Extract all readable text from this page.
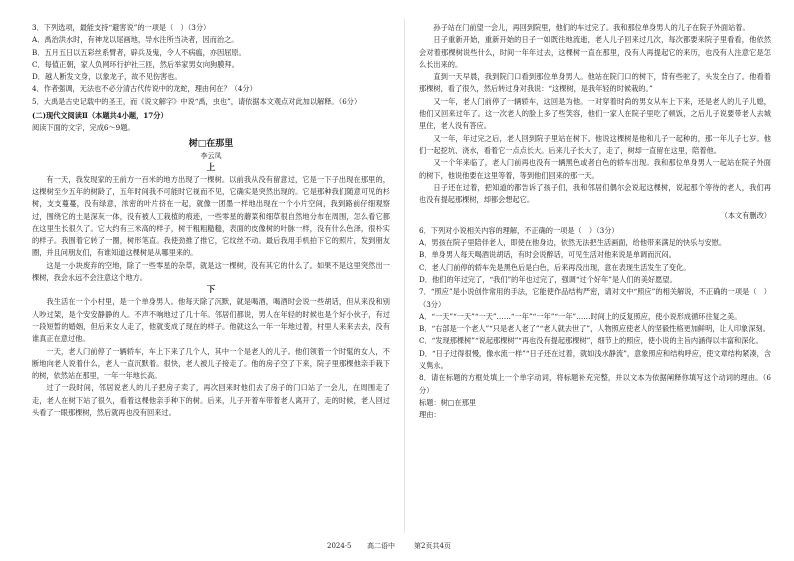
3．下列选项，最能支持“避害说”的一项是（　）（3分）

A．禹治洪水时，有神龙以尾画地，导水注所当决者，因而治之。

B．五月五日以五彩丝系臂者，辟兵及鬼，令人不病瘟，亦因屈原。

C．每值正朝，家人负网环行护社三匝，然后举家男女向狗膜拜。

D．越人断发文身，以象龙子，故不见伤害也。

4．作者强调，无法也不必分清古代传说中的龙蛇，理由何在？（4分）

5．大禹是古史记载中的圣王，而《说文解字》中说“禹，虫也”，请依据本文观点对此加以解释。（6分）

(二)现代文阅读Ⅱ（本题共4小题，17分）

阅读下面的文字，完成6～9题。

树□在那里
李云凤
上

有一天，我发现家的王前方一百米的地方出现了一棵树。以前我从没有留意过，它是一下子出现在那里的，这棵树至少五年的树龄了，五年时间我不可能时它视而不见，它确实是突然出现的。它是那种我们随意可见的杉树，支支蔓蔓，没有绿意，浓密的叶片挤在一起，就像一团墨一样地出现在一个小片空间，我到路前仔细观察过，围绕它的土是深灰一体，没有被人工栽植的痕迹，一些零星的蘑菜和细草很自然地分布在周围，怎么看它都在这里生长很久了。它大约有三米高的样子，树干粗粗糙糙，表面的皮像树的叶脉一样，没有什么色泽，很朴实的样子。我围着它转了一圈，树形笔直。我使劲推了推它，它纹丝不动。最后我用手机拍下它的照片，发到朋友圈，并且问朋友们，有谁知道这棵树是从哪里来的。

这是一小块废弃的空地，除了一些零星的杂草，就是这一棵树，没有其它的什么了。如果不是这里突然出一棵树，我会永远不会注意这个地方。

下

我生活在一个小村里，是一个单身男人。他每天除了沉默，就是喝酒，喝酒时会说一些胡话，但从来没和别人吵过架，是个安安静静的人。不声不响地过了几十年。邻居们都说，男人在年轻的时候也是个好小伙子，有过一段短暂的婚姻，但后来女人走了，他就变成了现在的样子。他就这么一年一年地过着，村里人来来去去，没有谁真正在意过他。

一天，老人门前停了一辆轿车，车上下来了几个人，其中一个是老人的儿子。他们领着一个时髦的女人，不断地向老人说着什么，老人一直沉默着。很快，老人被儿子接走了。他的房子空了下来，院子里那棵他亲手栽下的树，依然站在那里，一年一年地长高。

过了一段时间，邻居说老人的儿子把房子卖了，再次回来时他们去了房子的门口站了一会儿，在周围走了走，老人在树下站了很久，看着这棵他亲手种下的树。后来，儿子开着车带着老人离开了，走的时候，老人回过头看了一眼那棵树，然后就再也没有回来过。

孙子站在门前望一会儿，再回到院里，他们的车过完了。我和那位单身男人的儿子在院子外面站着。

日子重新开始，重新开始的日子一如既往地流逝，老人儿子回来过几次，每次都要来院子里看看，他依然会对着那棵树说些什么，时间一年年过去，这棵树一直在那里，没有人再提起它的来历，也没有人注意它是怎么长出来的。

直到一天早晨，我到院门口看到那位单身男人。他站在院门口的树下，背有些驼了，头发全白了。他看着那棵树，看了很久，然后转过身对我说：“这棵树，是我年轻的时候栽的。”

又一年，老人门前停了一辆轿车，这回是为他。一对穿着时尚的男女从车上下来，还是老人的儿子儿媳，他们又回来过年了。这一次老人的脸上多了些笑容，他们一家人在院子里吃了顿饭，之后儿子说要带老人去城里住，老人没有答应。

又一年，年过完之后，老人回到院子里站在树下。他说这棵树是他和儿子一起种的，那一年儿子七岁。他们一起挖坑、浇水，看着它一点点长大。后来儿子长大了，走了，树却一直留在这里，陪着他。

又一个年来临了，老人门前再也没有一辆黑色或者白色的轿车出现。我和那位单身男人一起站在院子外面的树下，他说他要在这里等着，等到他们回来的那一天。

日子还在过着，把知道的都告诉了孩子们，我和邻居们偶尔会说起这棵树，说起那个等待的老人，我们再也没有提起那棵树，却都会想起它。

（本文有删改）

6．下列对小说相关内容的理解，不正确的一项是（　）（3分）

A．男孩在院子里陪伴老人，即使在他身边，依然无法把生活画面，给他带来满足的快乐与安慰。

B．单身男人每天喝酒说胡话，有时会说醉话，可见生活对他来说是单调而沉闷。

C．老人门前停的轿车先是黑色后是白色，后来再没出现，意在表现生活发生了变化。

D．他们的年过完了，“我们”的年也过完了，强调“过个好年”是人们的美好愿望。

7．“照应”是小说创作常用的手法，它能使作品结构严密，请对文中“照应”的相关解说，不正确的一项是（　）（3分）

A．“一天”“一天”“一天”……“一年”“一年”“一年”……时间上的反复照应，使小说形成循环往复之美。

B．“右部是一个老人”“只是老人老了”“老人就去世了”，人物照应使老人的坚毅性格更加鲜明，让人印象深刻。

C．“发现那棵树”“说起那棵树”“再也没有提起那棵树”，细节上的照应，使小说的主旨内涵得以丰富和深化。

D．“日子过得很慢，像水流一样”“日子还在过着，就如浅水静流”，意象照应和结构呼应，使文章结构紧凑，含义隽永。

8．请在标题的方框处填上一个单字动词，将标题补充完整，并以文本为依据阐释你填写这个动词的理由。（6分）

标题：树□在那里

理由：

2024·5 高二语中	第2页共4页
